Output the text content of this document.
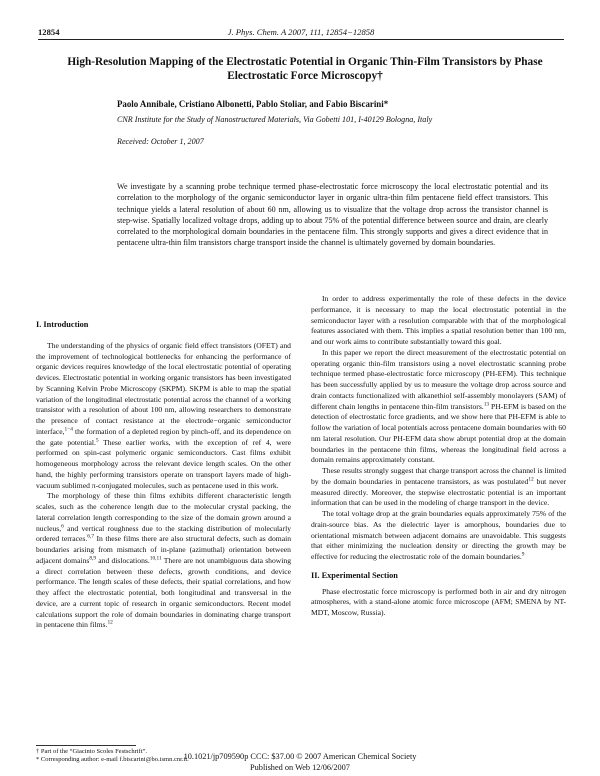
12854	J. Phys. Chem. A 2007, 111, 12854−12858
High-Resolution Mapping of the Electrostatic Potential in Organic Thin-Film Transistors by Phase Electrostatic Force Microscopy†
Paolo Annibale, Cristiano Albonetti, Pablo Stoliar, and Fabio Biscarini*
CNR Institute for the Study of Nanostructured Materials, Via Gobetti 101, I-40129 Bologna, Italy
Received: October 1, 2007

We investigate by a scanning probe technique termed phase-electrostatic force microscopy the local electrostatic potential and its correlation to the morphology of the organic semiconductor layer in organic ultra-thin film pentacene field effect transistors. This technique yields a lateral resolution of about 60 nm, allowing us to visualize that the voltage drop across the transistor channel is step-wise. Spatially localized voltage drops, adding up to about 75% of the potential difference between source and drain, are clearly correlated to the morphological domain boundaries in the pentacene film. This strongly supports and gives a direct evidence that in pentacene ultra-thin film transistors charge transport inside the channel is ultimately governed by domain boundaries.

I. Introduction

The understanding of the physics of organic field effect transistors (OFET) and the improvement of technological bottlenecks for enhancing the performance of organic devices requires knowledge of the local electrostatic potential of operating devices. Electrostatic potential in working organic transistors has been investigated by Scanning Kelvin Probe Microscopy (SKPM). SKPM is able to map the spatial variation of the longitudinal electrostatic potential across the channel of a working transistor with a resolution of about 100 nm, allowing researchers to demonstrate the presence of contact resistance at the electrode−organic semiconductor interface,$^{1-4}$ the formation of a depleted region by pinch-off, and its dependence on the gate potential.$^5$ These earlier works, with the exception of ref 4, were performed on spin-cast polymeric organic semiconductors. Cast films exhibit homogeneous morphology across the relevant device length scales. On the other hand, the highly performing transistors operate on transport layers made of high-vacuum sublimed π-conjugated molecules, such as pentacene used in this work.

The morphology of these thin films exhibits different characteristic length scales, such as the coherence length due to the molecular crystal packing, the lateral correlation length corresponding to the size of the domain grown around a nucleus,$^6$ and vertical roughness due to the stacking distribution of molecularly ordered terraces.$^{6,7}$ In these films there are also structural defects, such as domain boundaries arising from mismatch of in-plane (azimuthal) orientation between adjacent domains$^{8,9}$ and dislocations.$^{10,11}$ There are not unambiguous data showing a direct correlation between these defects, growth conditions, and device performance. The length scales of these defects, their spatial correlations, and how they affect the electrostatic potential, both longitudinal and transversal in the device, are a current topic of research in organic semiconductors. Recent model calculations support the role of domain boundaries in dominating charge transport in pentacene thin films.$^{12}$

In order to address experimentally the role of these defects in the device performance, it is necessary to map the local electrostatic potential in the semiconductor layer with a resolution comparable with that of the morphological features associated with them. This implies a spatial resolution better than 100 nm, and our work aims to contribute substantially toward this goal.

In this paper we report the direct measurement of the electrostatic potential on operating organic thin-film transistors using a novel electrostatic scanning probe technique termed phase-electrostatic force microscopy (PH-EFM). This technique has been successfully applied by us to measure the voltage drop across source and drain contacts functionalized with alkanethiol self-assembly monolayers (SAM) of different chain lengths in pentacene thin-film transistors.$^{13}$ PH-EFM is based on the detection of electrostatic force gradients, and we show here that PH-EFM is able to follow the variation of local potentials across pentacene domain boundaries with 60 nm lateral resolution. Our PH-EFM data show abrupt potential drop at the domain boundaries in the pentacene thin films, whereas the longitudinal field across a domain remains approximately constant.

These results strongly suggest that charge transport across the channel is limited by the domain boundaries in pentacene transistors, as was postulated$^{12}$ but never measured directly. Moreover, the stepwise electrostatic potential is an important information that can be used in the modeling of charge transport in the device.

The total voltage drop at the grain boundaries equals approximately 75% of the drain-source bias. As the dielectric layer is amorphous, boundaries due to orientational mismatch between adjacent domains are unavoidable. This suggests that either minimizing the nucleation density or directing the growth may be effective for reducing the electrostatic role of the domain boundaries.$^9$

II. Experimental Section

Phase electrostatic force microscopy is performed both in air and dry nitrogen atmospheres, with a stand-alone atomic force microscope (AFM; SMENA by NT-MDT, Moscow, Russia).

† Part of the “Giacinto Scoles Festschrift”.
* Corresponding author: e-mail f.biscarini@bo.ismn.cnr.it.
10.1021/jp709590p CCC: $37.00 © 2007 American Chemical Society
Published on Web 12/06/2007
